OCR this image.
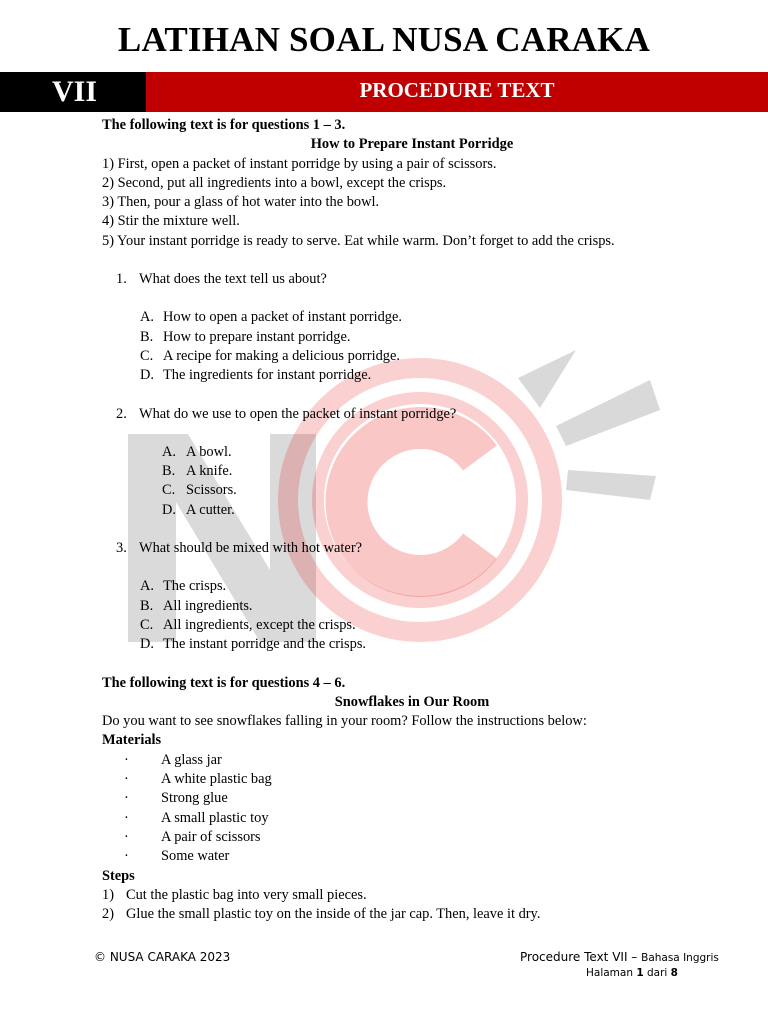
LATIHAN SOAL NUSA CARAKA
VII	PROCEDURE TEXT

The following text is for questions 1 – 3.

How to Prepare Instant Porridge

1) First, open a packet of instant porridge by using a pair of scissors.

2) Second, put all ingredients into a bowl, except the crisps.

3) Then, pour a glass of hot water into the bowl.

4) Stir the mixture well.

5) Your instant porridge is ready to serve. Eat while warm. Don’t forget to add the crisps.

1. What does the text tell us about?

A. How to open a packet of instant porridge.

B. How to prepare instant porridge.

C. A recipe for making a delicious porridge.

D. The ingredients for instant porridge.

2. What do we use to open the packet of instant porridge?

A. A bowl.

B. A knife.

C. Scissors.

D. A cutter.

3. What should be mixed with hot water?

A. The crisps.

B. All ingredients.

C. All ingredients, except the crisps.

D. The instant porridge and the crisps.

The following text is for questions 4 – 6.

Snowflakes in Our Room

Do you want to see snowflakes falling in your room? Follow the instructions below:

Materials

· A glass jar

· A white plastic bag

· Strong glue

· A small plastic toy

· A pair of scissors

· Some water

Steps

1) Cut the plastic bag into very small pieces.

2) Glue the small plastic toy on the inside of the jar cap. Then, leave it dry.

© NUSA CARAKA 2023	Procedure Text VII – Bahasa Inggris
Halaman 1 dari 8
